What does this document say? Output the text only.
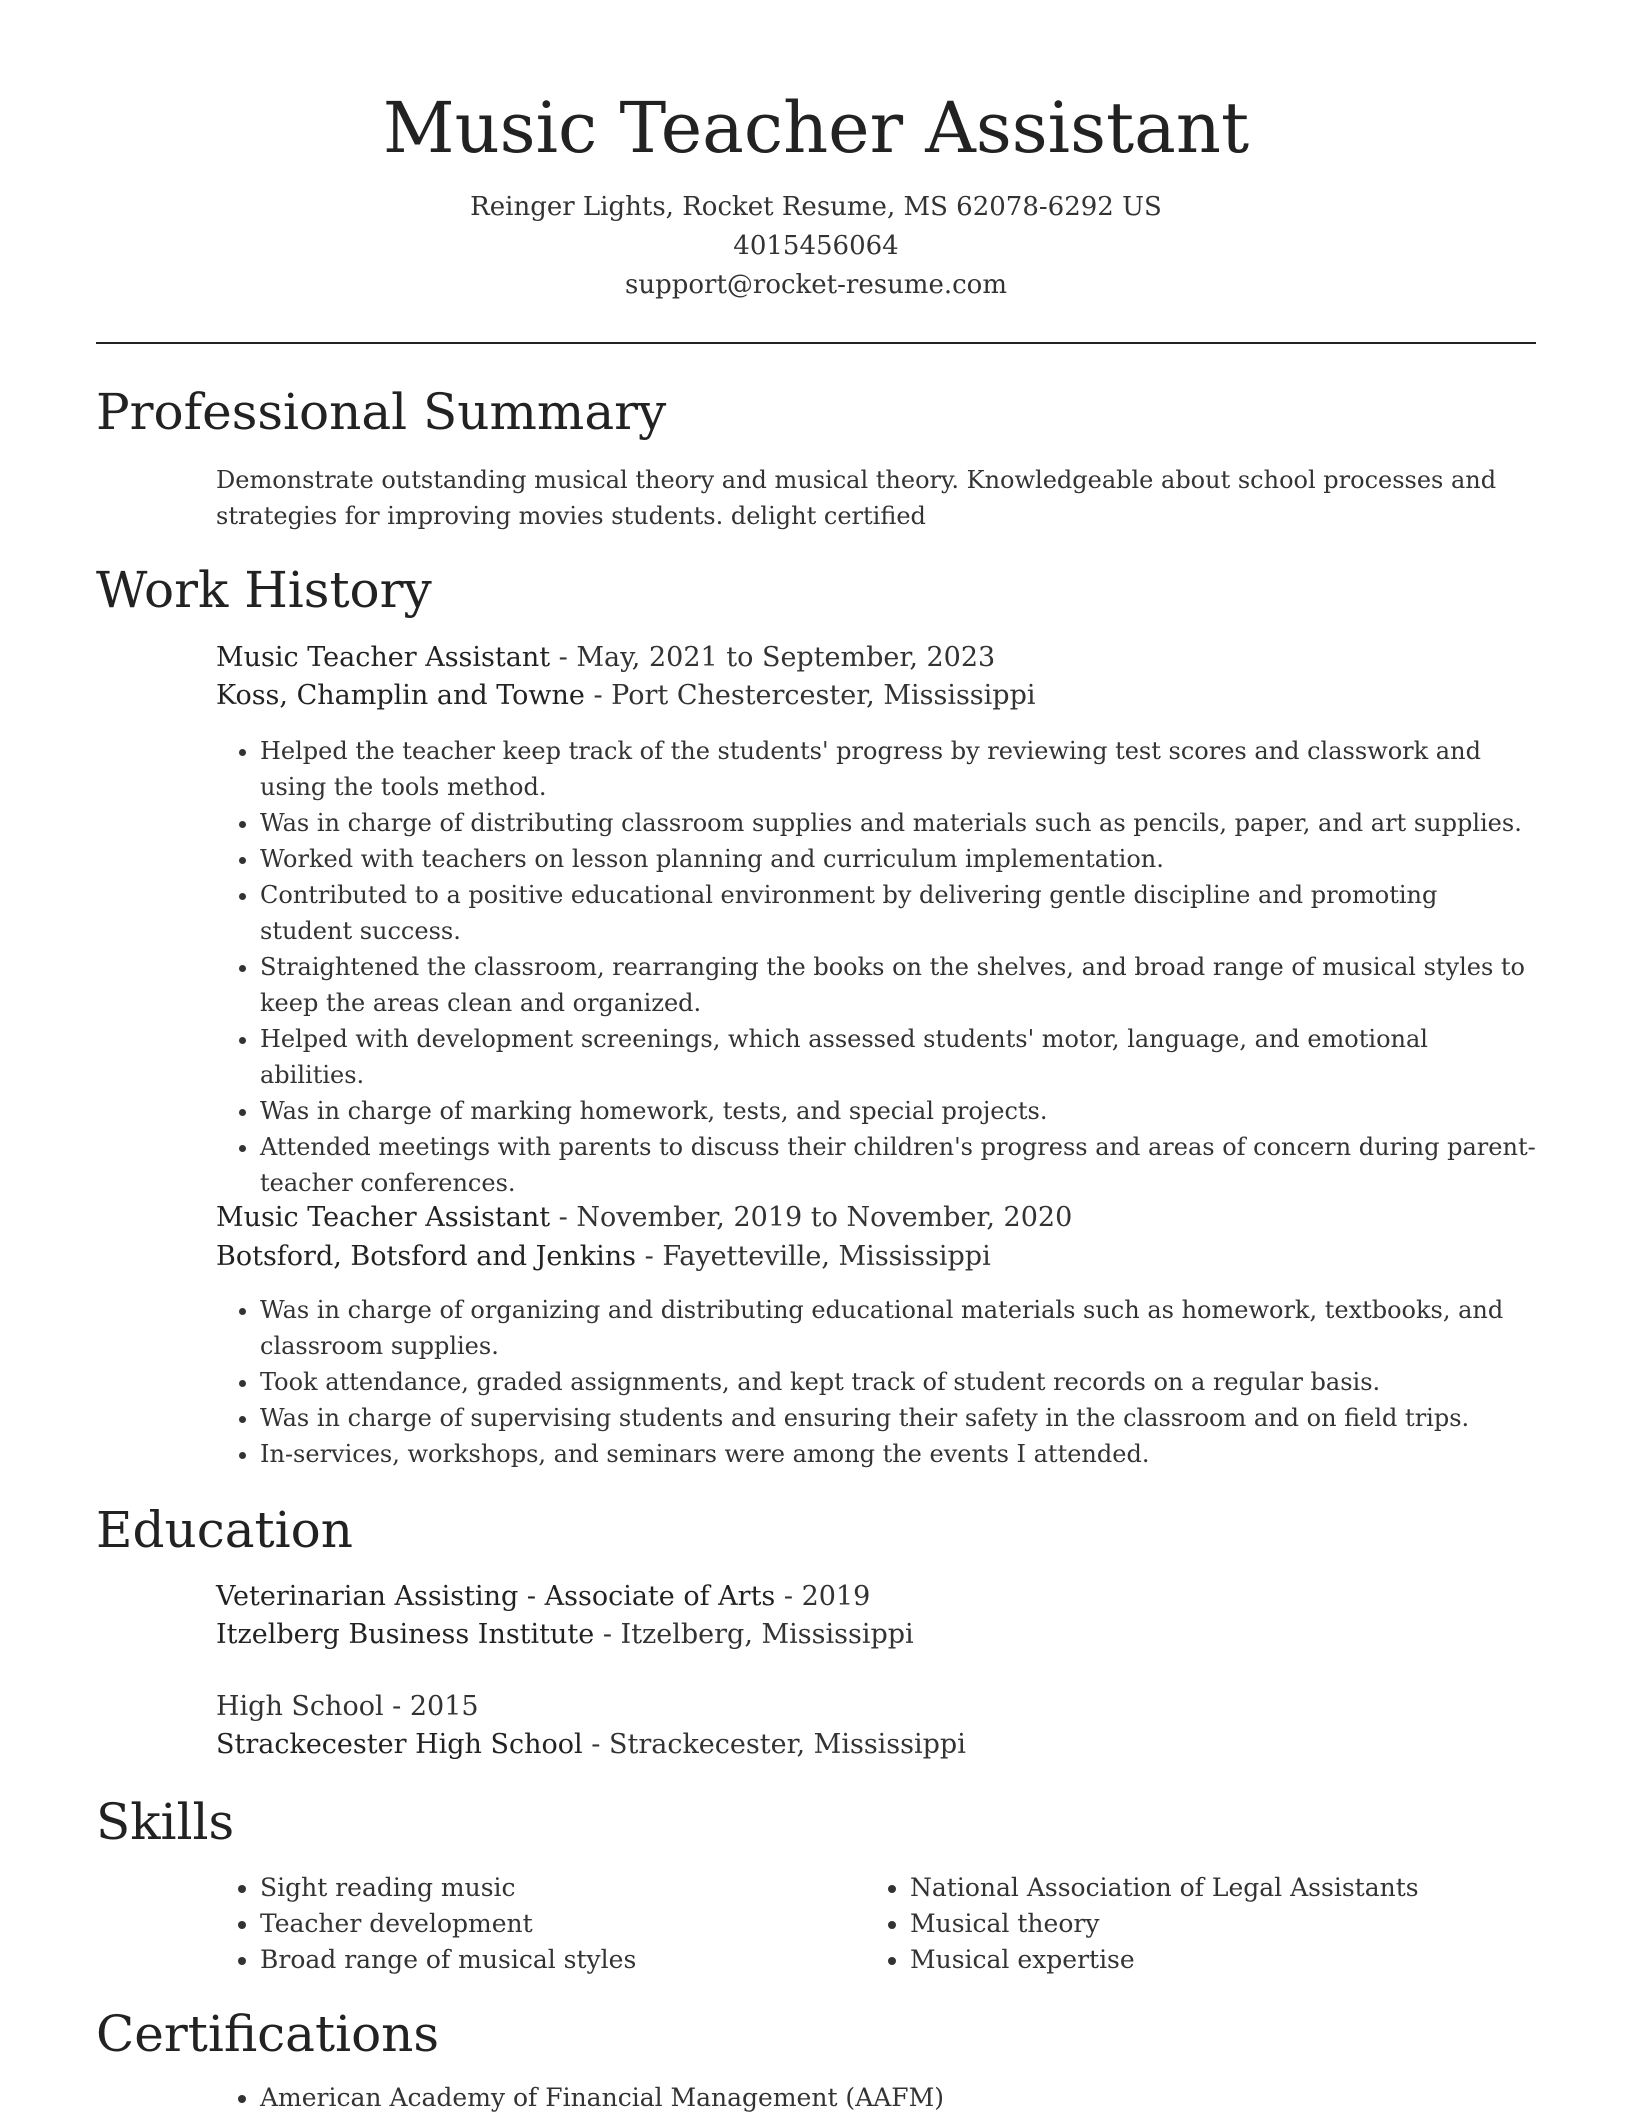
Music Teacher Assistant
Reinger Lights, Rocket Resume, MS 62078-6292 US
4015456064
support@rocket-resume.com
Professional Summary
Demonstrate outstanding musical theory and musical theory. Knowledgeable about school processes and strategies for improving movies students. delight certified
Work History
Music Teacher Assistant - May, 2021 to September, 2023
Koss, Champlin and Towne - Port Chestercester, Mississippi
• Helped the teacher keep track of the students' progress by reviewing test scores and classwork and using the tools method.
• Was in charge of distributing classroom supplies and materials such as pencils, paper, and art supplies.
• Worked with teachers on lesson planning and curriculum implementation.
• Contributed to a positive educational environment by delivering gentle discipline and promoting student success.
• Straightened the classroom, rearranging the books on the shelves, and broad range of musical styles to keep the areas clean and organized.
• Helped with development screenings, which assessed students' motor, language, and emotional abilities.
• Was in charge of marking homework, tests, and special projects.
• Attended meetings with parents to discuss their children's progress and areas of concern during parent-teacher conferences.
Music Teacher Assistant - November, 2019 to November, 2020
Botsford, Botsford and Jenkins - Fayetteville, Mississippi
• Was in charge of organizing and distributing educational materials such as homework, textbooks, and classroom supplies.
• Took attendance, graded assignments, and kept track of student records on a regular basis.
• Was in charge of supervising students and ensuring their safety in the classroom and on field trips.
• In-services, workshops, and seminars were among the events I attended.
Education
Veterinarian Assisting - Associate of Arts - 2019
Itzelberg Business Institute - Itzelberg, Mississippi
High School - 2015
Strackecester High School - Strackecester, Mississippi
Skills
• Sight reading music
• Teacher development
• Broad range of musical styles
• National Association of Legal Assistants
• Musical theory
• Musical expertise
Certifications
• American Academy of Financial Management (AAFM)
